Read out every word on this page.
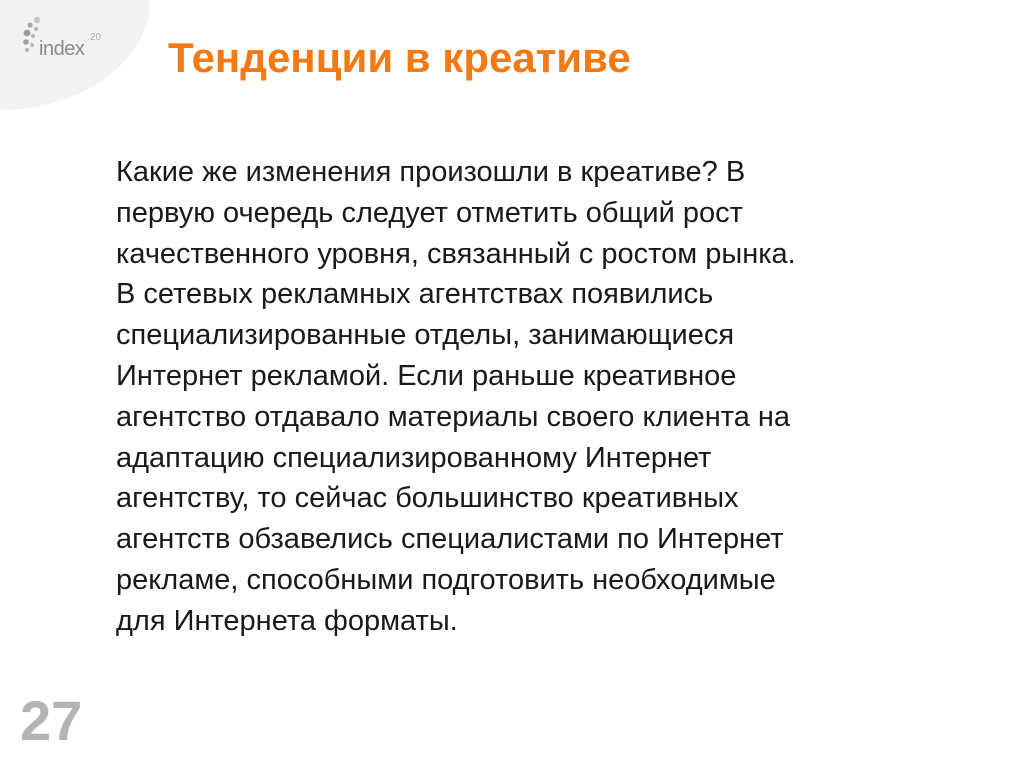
index
20 Тенденции в креативе
Какие же изменения произошли в креативе? В
первую очередь следует отметить общий рост
качественного уровня, связанный с ростом рынка.
В сетевых рекламных агентствах появились
специализированные отделы, занимающиеся
Интернет рекламой. Если раньше креативное
агентство отдавало материалы своего клиента на
адаптацию специализированному Интернет
агентству, то сейчас большинство креативных
агентств обзавелись специалистами по Интернет
рекламе, способными подготовить необходимые
для Интернета форматы.
27
